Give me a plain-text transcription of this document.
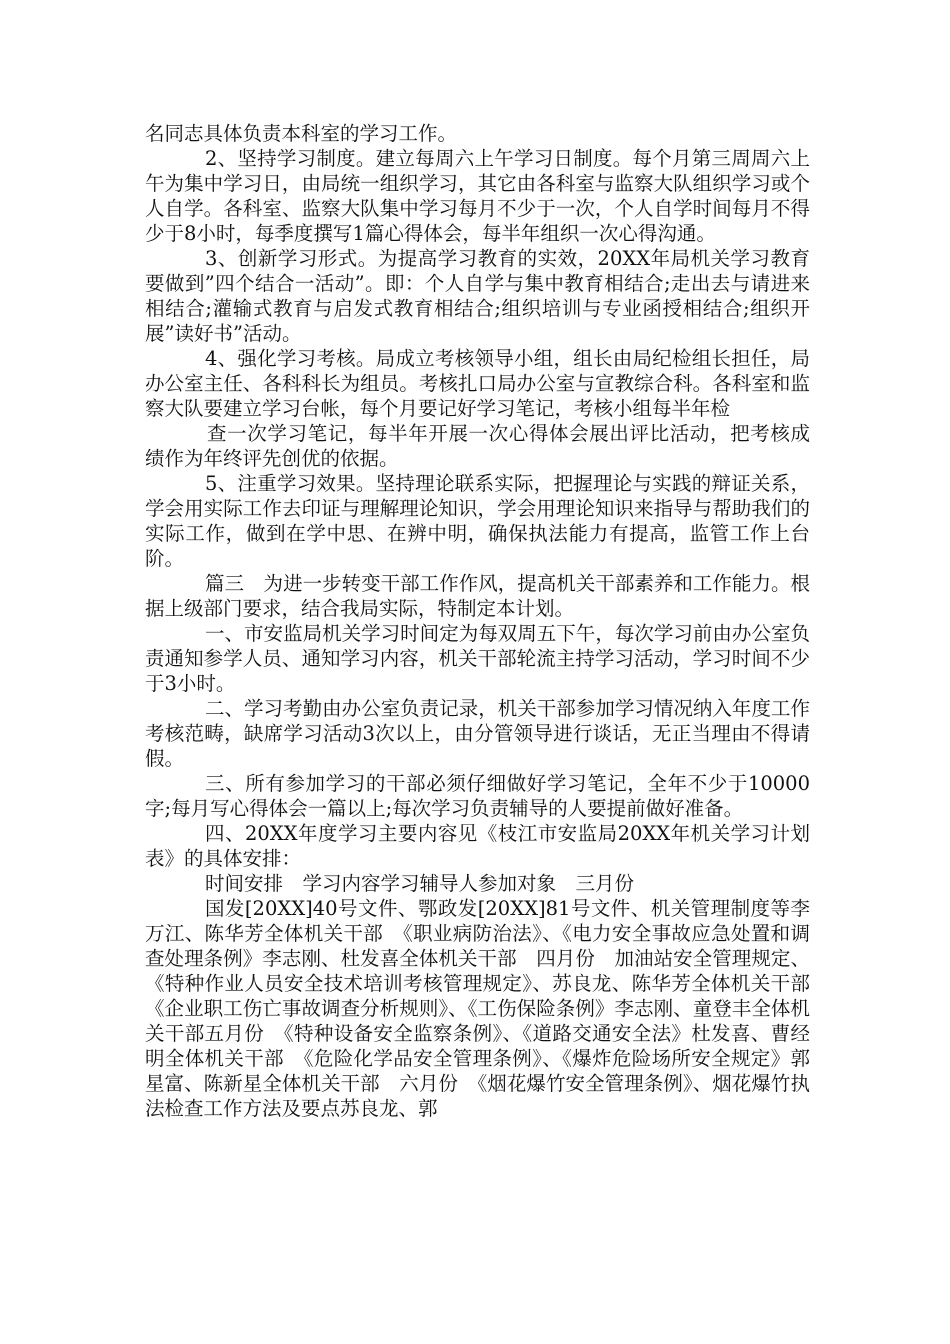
名同志具体负责本科室的学习工作。

2、坚持学习制度。建立每周六上午学习日制度。每个月第三周周六上午为集中学习日，由局统一组织学习，其它由各科室与监察大队组织学习或个人自学。各科室、监察大队集中学习每月不少于一次，个人自学时间每月不得少于8小时，每季度撰写1篇心得体会，每半年组织一次心得沟通。

3、创新学习形式。为提高学习教育的实效，20XX年局机关学习教育要做到”四个结合一活动”。即：个人自学与集中教育相结合;走出去与请进来相结合;灌输式教育与启发式教育相结合;组织培训与专业函授相结合;组织开展”读好书”活动。

4、强化学习考核。局成立考核领导小组，组长由局纪检组长担任，局办公室主任、各科科长为组员。考核扎口局办公室与宣教综合科。各科室和监察大队要建立学习台帐，每个月要记好学习笔记，考核小组每半年检

查一次学习笔记，每半年开展一次心得体会展出评比活动，把考核成绩作为年终评先创优的依据。

5、注重学习效果。坚持理论联系实际，把握理论与实践的辩证关系，学会用实际工作去印证与理解理论知识，学会用理论知识来指导与帮助我们的实际工作，做到在学中思、在辨中明，确保执法能力有提高，监管工作上台阶。

篇三　为进一步转变干部工作作风，提高机关干部素养和工作能力。根据上级部门要求，结合我局实际，特制定本计划。

一、市安监局机关学习时间定为每双周五下午，每次学习前由办公室负责通知参学人员、通知学习内容，机关干部轮流主持学习活动，学习时间不少于3小时。

二、学习考勤由办公室负责记录，机关干部参加学习情况纳入年度工作考核范畴，缺席学习活动3次以上，由分管领导进行谈话，无正当理由不得请假。

三、所有参加学习的干部必须仔细做好学习笔记，全年不少于10000字;每月写心得体会一篇以上;每次学习负责辅导的人要提前做好准备。

四、20XX年度学习主要内容见《枝江市安监局20XX年机关学习计划表》的具体安排：

时间安排　学习内容学习辅导人参加对象　三月份

国发[20XX]40号文件、鄂政发[20XX]81号文件、机关管理制度等李万江、陈华芳全体机关干部　《职业病防治法》、《电力安全事故应急处置和调查处理条例》李志刚、杜发喜全体机关干部　四月份　加油站安全管理规定、《特种作业人员安全技术培训考核管理规定》、苏良龙、陈华芳全体机关干部　《企业职工伤亡事故调查分析规则》、《工伤保险条例》李志刚、童登丰全体机关干部五月份　《特种设备安全监察条例》、《道路交通安全法》杜发喜、曹经明全体机关干部　《危险化学品安全管理条例》、《爆炸危险场所安全规定》郭星富、陈新星全体机关干部　六月份　《烟花爆竹安全管理条例》、烟花爆竹执法检查工作方法及要点苏良龙、郭
